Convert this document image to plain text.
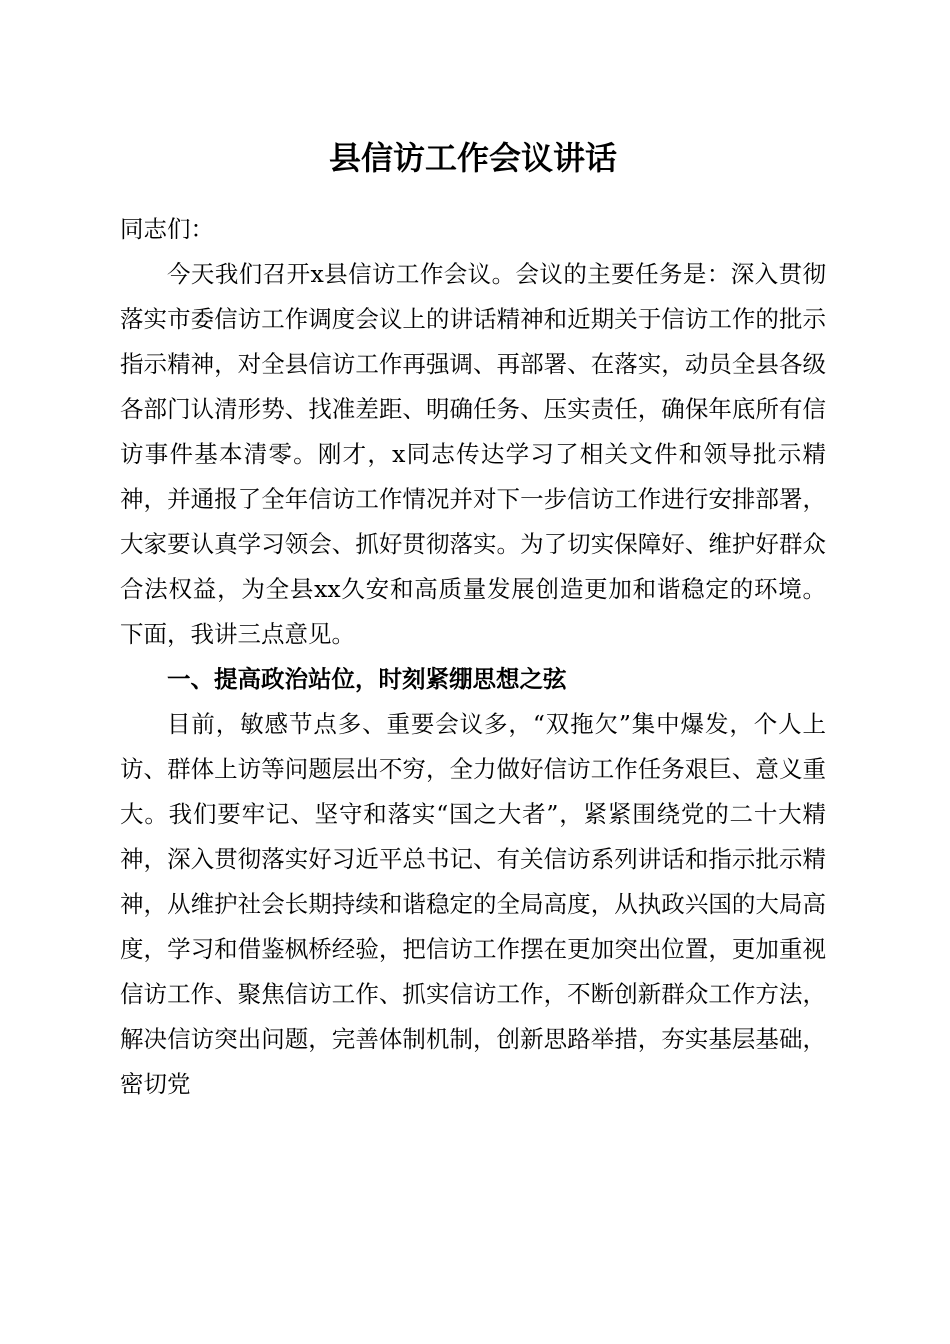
县信访工作会议讲话

同志们：

今天我们召开x县信访工作会议。会议的主要任务是：深入贯彻落实市委信访工作调度会议上的讲话精神和近期关于信访工作的批示指示精神，对全县信访工作再强调、再部署、在落实，动员全县各级各部门认清形势、找准差距、明确任务、压实责任，确保年底所有信访事件基本清零。刚才，x同志传达学习了相关文件和领导批示精神，并通报了全年信访工作情况并对下一步信访工作进行安排部署，大家要认真学习领会、抓好贯彻落实。为了切实保障好、维护好群众合法权益，为全县xx久安和高质量发展创造更加和谐稳定的环境。下面，我讲三点意见。

一、提高政治站位，时刻紧绷思想之弦

目前，敏感节点多、重要会议多，“双拖欠”集中爆发，个人上访、群体上访等问题层出不穷，全力做好信访工作任务艰巨、意义重大。我们要牢记、坚守和落实“国之大者”，紧紧围绕党的二十大精神，深入贯彻落实好习近平总书记、有关信访系列讲话和指示批示精神，从维护社会长期持续和谐稳定的全局高度，从执政兴国的大局高度，学习和借鉴枫桥经验，把信访工作摆在更加突出位置，更加重视信访工作、聚焦信访工作、抓实信访工作，不断创新群众工作方法，解决信访突出问题，完善体制机制，创新思路举措，夯实基层基础，密切党
